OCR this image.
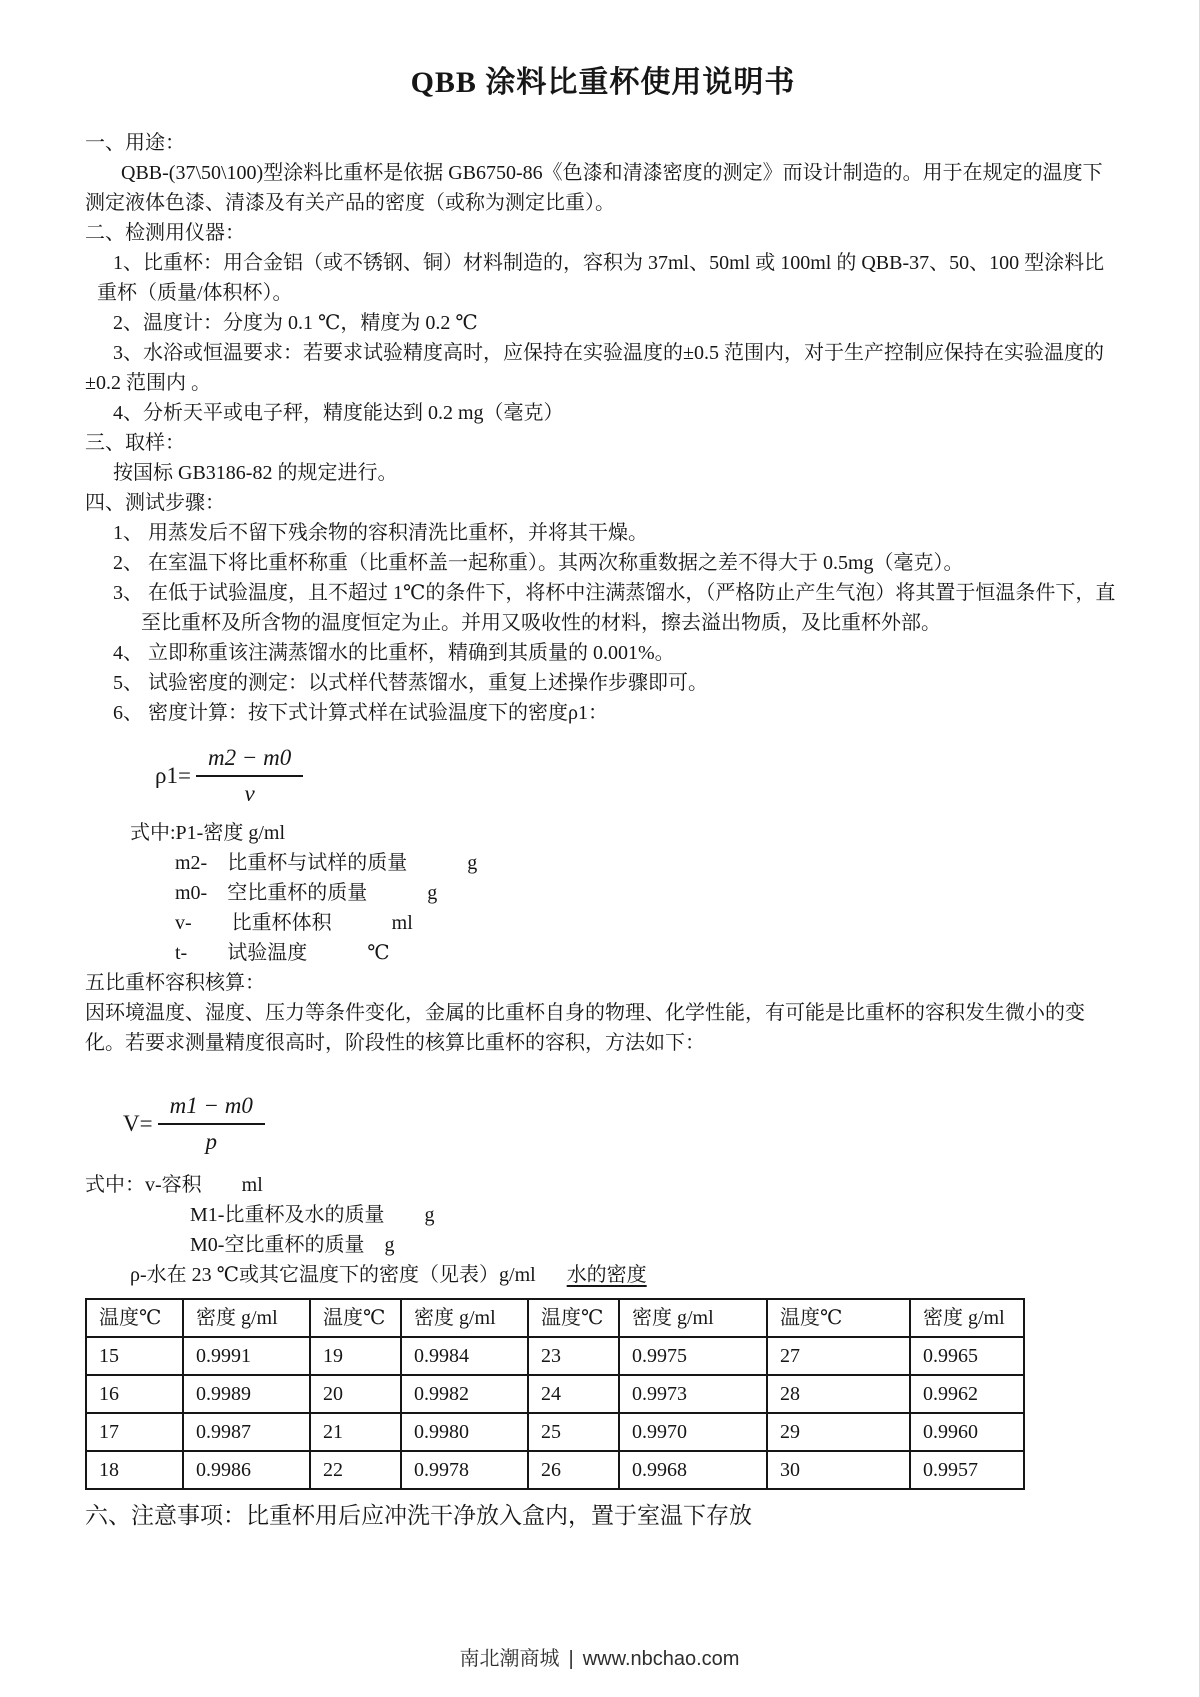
QBB 涂料比重杯使用说明书

一、用途：

QBB-(37\50\100)型涂料比重杯是依据 GB6750-86《色漆和清漆密度的测定》而设计制造的。用于在规定的温度下测定液体色漆、清漆及有关产品的密度（或称为测定比重）。

二、检测用仪器：

1、比重杯：用合金铝（或不锈钢、铜）材料制造的，容积为 37ml、50ml 或 100ml 的 QBB-37、50、100 型涂料比重杯（质量/体积杯）。

2、温度计：分度为 0.1 ℃，精度为 0.2 ℃

3、水浴或恒温要求：若要求试验精度高时，应保持在实验温度的±0.5 范围内，对于生产控制应保持在实验温度的±0.2 范围内 。

4、分析天平或电子秤，精度能达到 0.2 mg（毫克）

三、取样：

按国标 GB3186-82 的规定进行。

四、测试步骤：

1、 用蒸发后不留下残余物的容积清洗比重杯，并将其干燥。

2、 在室温下将比重杯称重（比重杯盖一起称重）。其两次称重数据之差不得大于 0.5mg（毫克）。

3、 在低于试验温度，且不超过 1℃的条件下，将杯中注满蒸馏水，（严格防止产生气泡）将其置于恒温条件下，直至比重杯及所含物的温度恒定为止。并用又吸收性的材料，擦去溢出物质，及比重杯外部。

4、 立即称重该注满蒸馏水的比重杯，精确到其质量的 0.001%。

5、 试验密度的测定：以式样代替蒸馏水，重复上述操作步骤即可。

6、 密度计算：按下式计算式样在试验温度下的密度ρ1：

$\rho 1= \frac{m2 - m0}{v}$

式中:P1-密度 g/ml

m2-　比重杯与试样的质量　　　g

m0-　空比重杯的质量　　　g

v-　　比重杯体积　　　ml

t-　　试验温度　　　℃

五比重杯容积核算：

因环境温度、湿度、压力等条件变化，金属的比重杯自身的物理、化学性能，有可能是比重杯的容积发生微小的变化。若要求测量精度很高时，阶段性的核算比重杯的容积，方法如下：

$V= \frac{m1 - m0}{p}$

式中：v-容积　　ml

M1-比重杯及水的质量　　g

M0-空比重杯的质量　g

ρ-水在 23 ℃或其它温度下的密度（见表）g/ml 水的密度

温度℃	密度 g/ml	温度℃	密度 g/ml	温度℃	密度 g/ml	温度℃	密度 g/ml
15	0.9991	19	0.9984	23	0.9975	27	0.9965
16	0.9989	20	0.9982	24	0.9973	28	0.9962
17	0.9987	21	0.9980	25	0.9970	29	0.9960
18	0.9986	22	0.9978	26	0.9968	30	0.9957

六、注意事项：比重杯用后应冲洗干净放入盒内，置于室温下存放

南北潮商城 | www.nbchao.com
